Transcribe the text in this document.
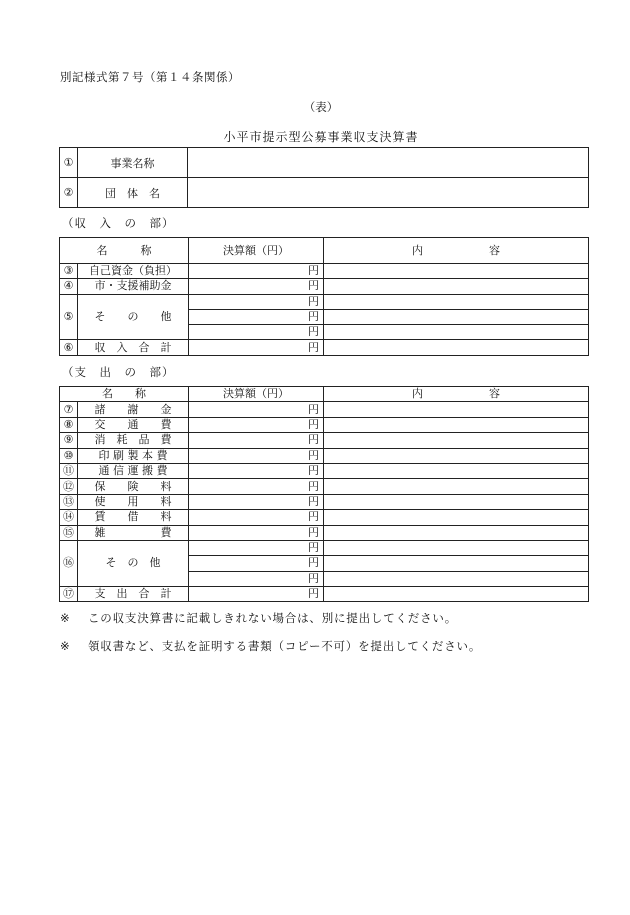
別記様式第７号（第１４条関係）
（表）
小平市提示型公募事業収支決算書
①	事業名称	
②	団　体　名	
（収　入　の　部）
名　　　称		決算額（円）	内　　　　　　容
③	自己資金（負担）	円	
④	市・支援補助金	円	
⑤	そ　　の　　他	円	
		円	
		円	
⑥	収　入　合　計	円	
（支　出　の　部）
名　　称		決算額（円）	内　　　　　　容
⑦	諸　　謝　　金	円	
⑧	交　　通　　費	円	
⑨	消　耗　品　費	円	
⑩	印 刷 製 本 費	円	
⑪	通 信 運 搬 費	円	
⑫	保　　険　　料	円	
⑬	使　　用　　料	円	
⑭	賃　　借　　料	円	
⑮	雑　　　　　費	円	
⑯	そ　の　他	円	
		円	
		円	
⑰	支　出　合　計	円	
※ この収支決算書に記載しきれない場合は、別に提出してください。
※ 領収書など、支払を証明する書類（コピー不可）を提出してください。
